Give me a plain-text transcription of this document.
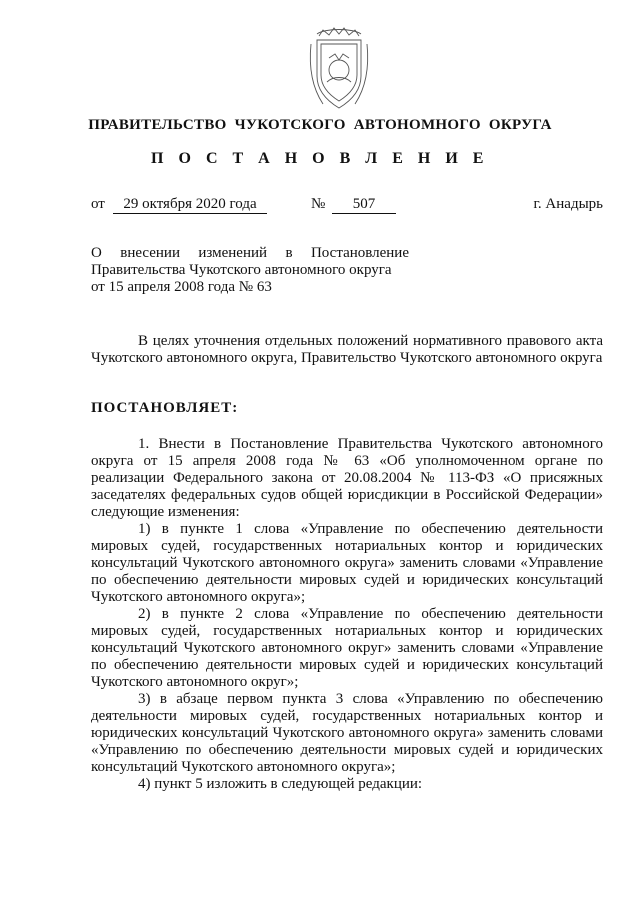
ПРАВИТЕЛЬСТВО ЧУКОТСКОГО АВТОНОМНОГО ОКРУГА
П О С Т А Н О В Л Е Н И Е
от	29 октября 2020 года	№	507	г. Анадырь
О внесении изменений в Постановление
Правительства Чукотского автономного округа
от 15 апреля 2008 года № 63

В целях уточнения отдельных положений нормативного правового акта Чукотского автономного округа, Правительство Чукотского автономного округа

ПОСТАНОВЛЯЕТ:

1. Внести в Постановление Правительства Чукотского автономного округа от 15 апреля 2008 года № 63 «Об уполномоченном органе по реализации Федерального закона от 20.08.2004 № 113-ФЗ «О присяжных заседателях федеральных судов общей юрисдикции в Российской Федерации» следующие изменения:

1) в пункте 1 слова «Управление по обеспечению деятельности мировых судей, государственных нотариальных контор и юридических консультаций Чукотского автономного округа» заменить словами «Управление по обеспечению деятельности мировых судей и юридических консультаций Чукотского автономного округа»;

2) в пункте 2 слова «Управление по обеспечению деятельности мировых судей, государственных нотариальных контор и юридических консультаций Чукотского автономного округ» заменить словами «Управление по обеспечению деятельности мировых судей и юридических консультаций Чукотского автономного округ»;

3) в абзаце первом пункта 3 слова «Управлению по обеспечению деятельности мировых судей, государственных нотариальных контор и юридических консультаций Чукотского автономного округа» заменить словами «Управлению по обеспечению деятельности мировых судей и юридических консультаций Чукотского автономного округа»;

4) пункт 5 изложить в следующей редакции:
